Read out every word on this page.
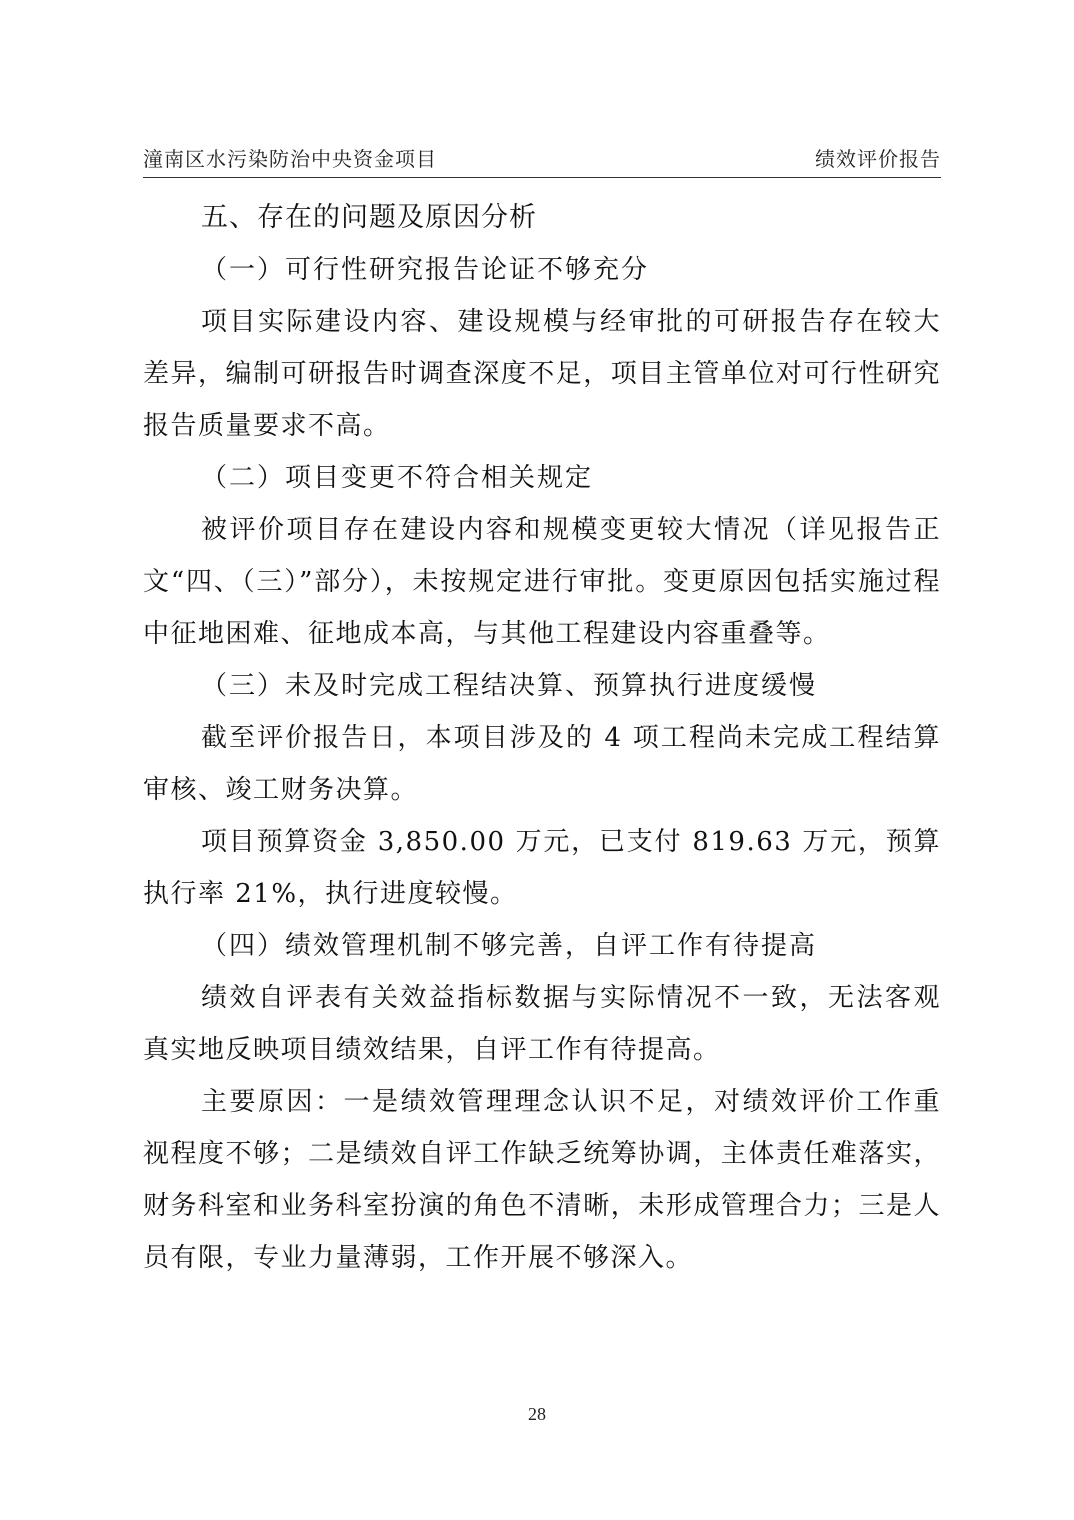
潼南区水污染防治中央资金项目	绩效评价报告
五、存在的问题及原因分析
（一）可行性研究报告论证不够充分

项目实际建设内容、建设规模与经审批的可研报告存在较大差异，编制可研报告时调查深度不足，项目主管单位对可行性研究报告质量要求不高。

（二）项目变更不符合相关规定

被评价项目存在建设内容和规模变更较大情况（详见报告正文“四、（三）”部分），未按规定进行审批。变更原因包括实施过程中征地困难、征地成本高，与其他工程建设内容重叠等。

（三）未及时完成工程结决算、预算执行进度缓慢

截至评价报告日，本项目涉及的 4 项工程尚未完成工程结算审核、竣工财务决算。

项目预算资金 3,850.00 万元，已支付 819.63 万元，预算执行率 21%，执行进度较慢。

（四）绩效管理机制不够完善，自评工作有待提高

绩效自评表有关效益指标数据与实际情况不一致，无法客观真实地反映项目绩效结果，自评工作有待提高。

主要原因：一是绩效管理理念认识不足，对绩效评价工作重视程度不够；二是绩效自评工作缺乏统筹协调，主体责任难落实，财务科室和业务科室扮演的角色不清晰，未形成管理合力；三是人员有限，专业力量薄弱，工作开展不够深入。

28
